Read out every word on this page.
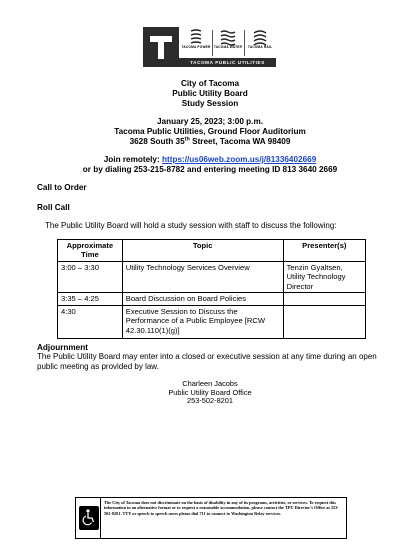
TACOMA POWER TACOMA WATER	TACOMA RAIL
TACOMA PUBLIC UTILITIES
City of Tacoma
Public Utility Board
Study Session
January 25, 2023; 3:00 p.m.
Tacoma Public Utilities, Ground Floor Auditorium
3628 South 35th Street, Tacoma WA 98409
Join remotely: https://us06web.zoom.us/j/81336402669
or by dialing 253-215-8782 and entering meeting ID 813 3640 2669
Call to Order
Roll Call
The Public Utility Board will hold a study session with staff to discuss the following:
Approximate Time	Topic	Presenter(s)
3:00 – 3:30	Utility Technology Services Overview	Tenzin Gyaltsen, Utility Technology Director
3:35 – 4:25	Board Discussion on Board Policies	
4:30	Executive Session to Discuss the Performance of a Public Employee [RCW 42.30.110(1)(g)]	
Adjournment
The Public Utility Board may enter into a closed or executive session at any time during an open public meeting as provided by law.
Charleen Jacobs
Public Utility Board Office
253-502-8201
The City of Tacoma does not discriminate on the basis of disability in any of its programs, activities, or services. To request this information in an alternative format or to request a reasonable accommodation, please contact the TPU Director's Office at 253-502-8201. TTY or speech to speech users please dial 711 to connect to Washington Relay services.
